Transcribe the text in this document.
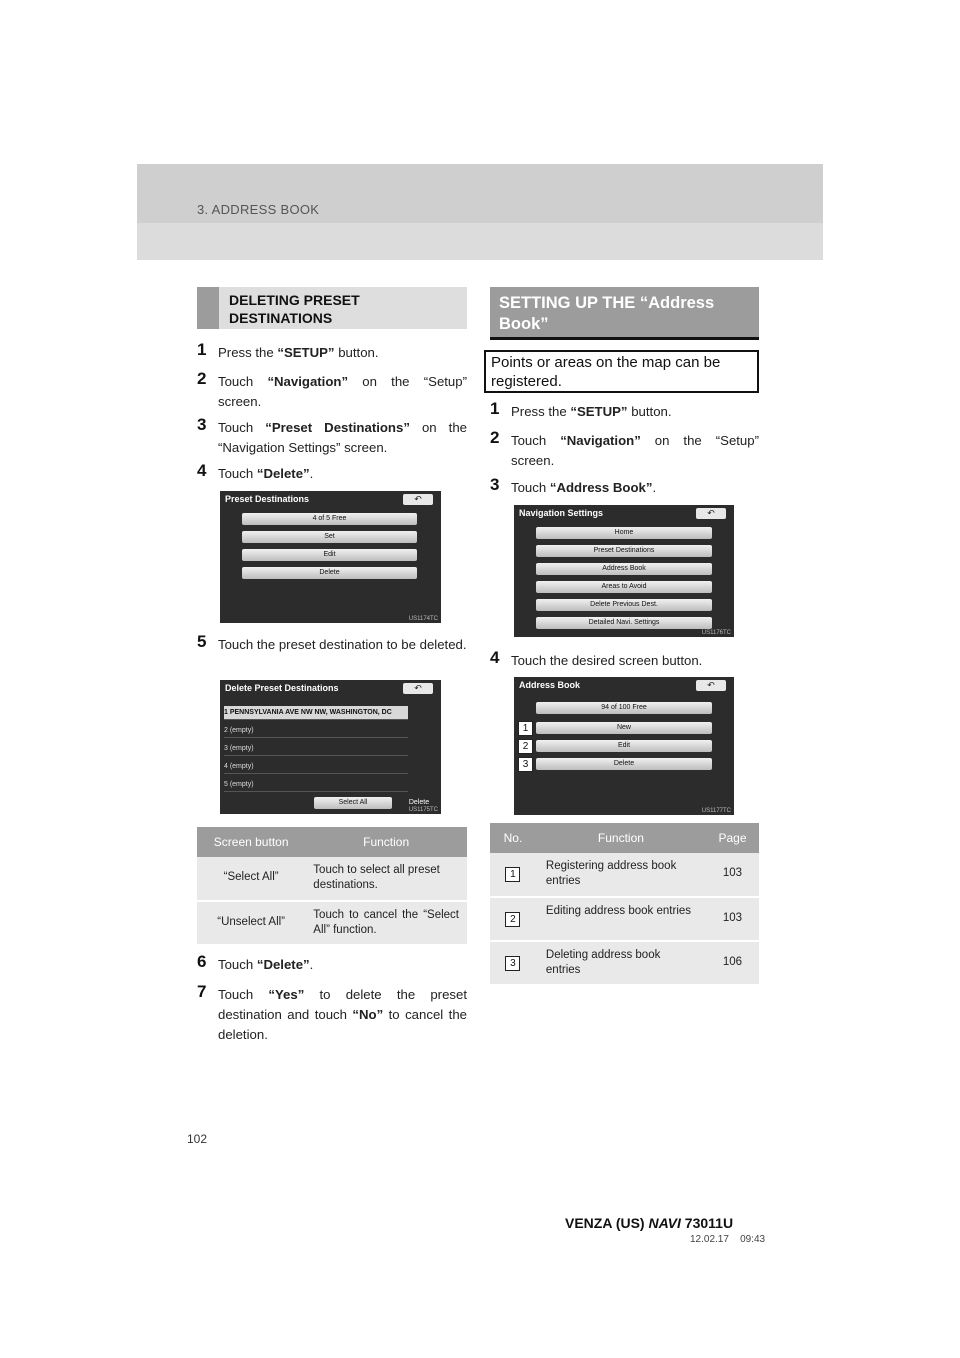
3. ADDRESS BOOK
DELETING PRESET DESTINATIONS
1 Press the “SETUP” button.
2 Touch “Navigation” on the “Setup” screen.
3 Touch “Preset Destinations” on the “Navigation Settings” screen.
4 Touch “Delete”.
Preset Destinations	↶
4 of 5 Free
Set
Edit
Delete
US1174TC
5 Touch the preset destination to be deleted.
Delete Preset Destinations	↶
1 PENNSYLVANIA AVE NW NW, WASHINGTON, DC
2 (empty)
3 (empty)
4 (empty)
5 (empty)
Select All	Delete
US1175TC
Screen button	Function
“Select All”	Touch to select all preset destinations.
“Unselect All”	Touch to cancel the “Select All” function.
6 Touch “Delete”.
7 Touch “Yes” to delete the preset destination and touch “No” to cancel the deletion.
SETTING UP THE “Address Book”
Points or areas on the map can be registered.
1 Press the “SETUP” button.
2 Touch “Navigation” on the “Setup” screen.
3 Touch “Address Book”.
Navigation Settings	↶
Home
Preset Destinations
Address Book
Areas to Avoid
Delete Previous Dest.
Detailed Navi. Settings
US1176TC
4 Touch the desired screen button.
Address Book	↶
94 of 100 Free
New
Edit
Delete
1
2
3
US1177TC
No.	Function	Page
1	Registering address book entries	103
2	Editing address book entries	103
3	Deleting address book entries	106
102
VENZA (US) NAVI 73011U
12.02.17 09:43
